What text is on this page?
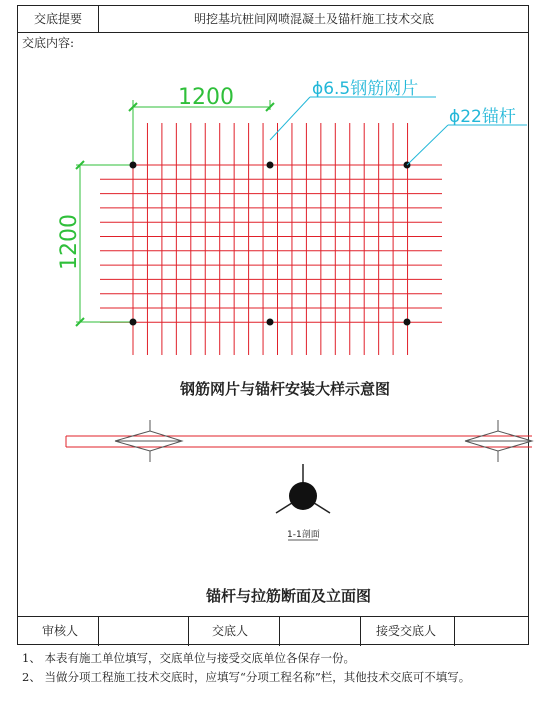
交底提要	明挖基坑桩间网喷混凝土及锚杆施工技术交底
交底内容:
审核人	交底人	接受交底人
1200
1200
ϕ6.5钢筋网片
ϕ22锚杆
钢筋网片与锚杆安装大样示意图
1-1剖面
锚杆与拉筋断面及立面图
1、 本表有施工单位填写，交底单位与接受交底单位各保存一份。
2、 当做分项工程施工技术交底时，应填写“分项工程名称”栏，其他技术交底可不填写。
